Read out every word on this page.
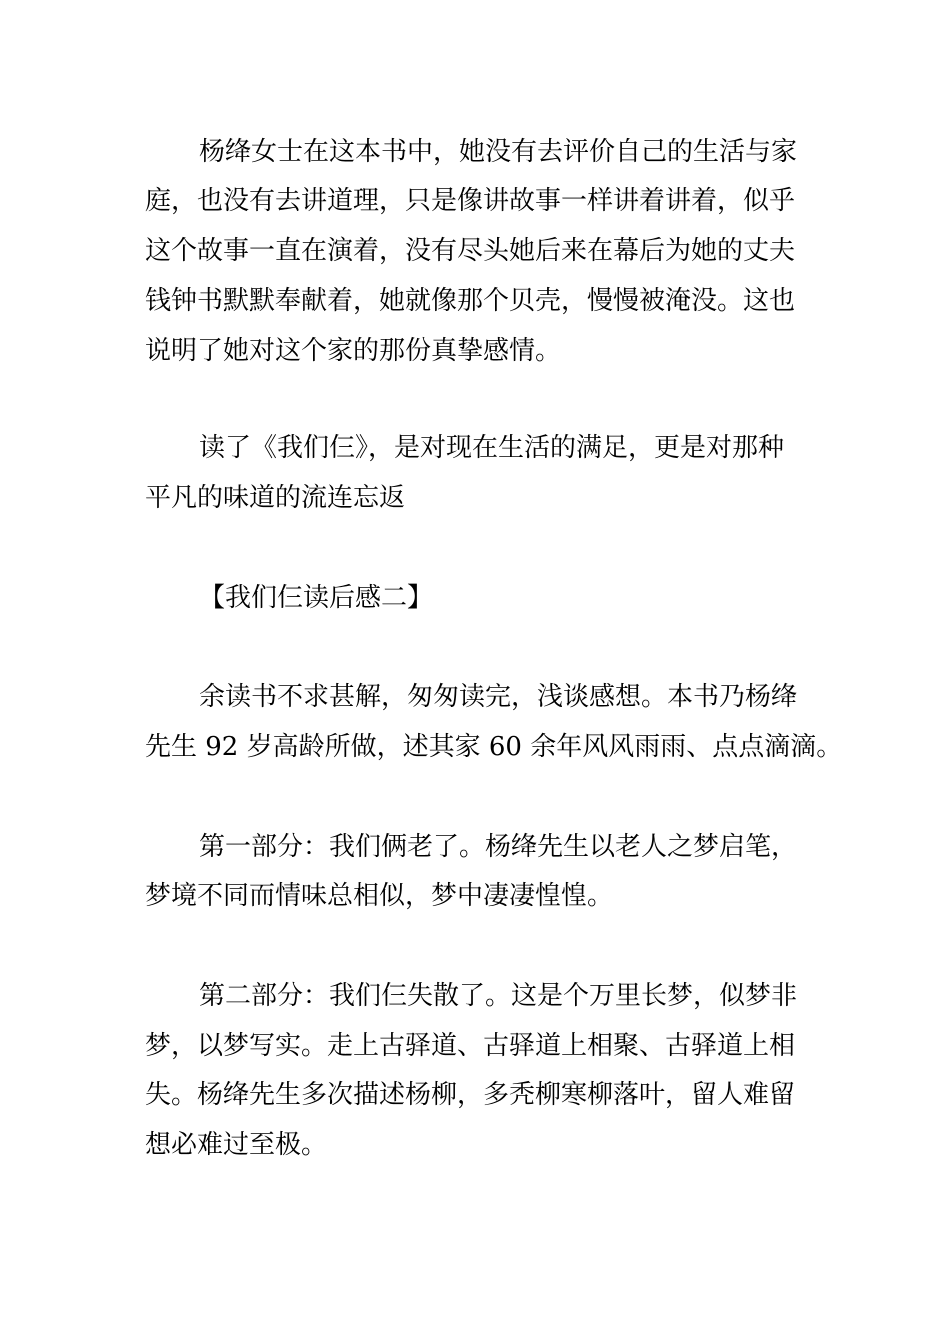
杨绛女士在这本书中，她没有去评价自己的生活与家
庭，也没有去讲道理，只是像讲故事一样讲着讲着，似乎
这个故事一直在演着，没有尽头她后来在幕后为她的丈夫
钱钟书默默奉献着，她就像那个贝壳，慢慢被淹没。这也
说明了她对这个家的那份真挚感情。
读了《我们仨》，是对现在生活的满足，更是对那种
平凡的味道的流连忘返
【我们仨读后感二】
余读书不求甚解，匆匆读完，浅谈感想。本书乃杨绛
先生 92 岁高龄所做，述其家 60 余年风风雨雨、点点滴滴。
第一部分：我们俩老了。杨绛先生以老人之梦启笔，
梦境不同而情味总相似，梦中凄凄惶惶。
第二部分：我们仨失散了。这是个万里长梦，似梦非
梦，以梦写实。走上古驿道、古驿道上相聚、古驿道上相
失。杨绛先生多次描述杨柳，多秃柳寒柳落叶，留人难留
想必难过至极。
